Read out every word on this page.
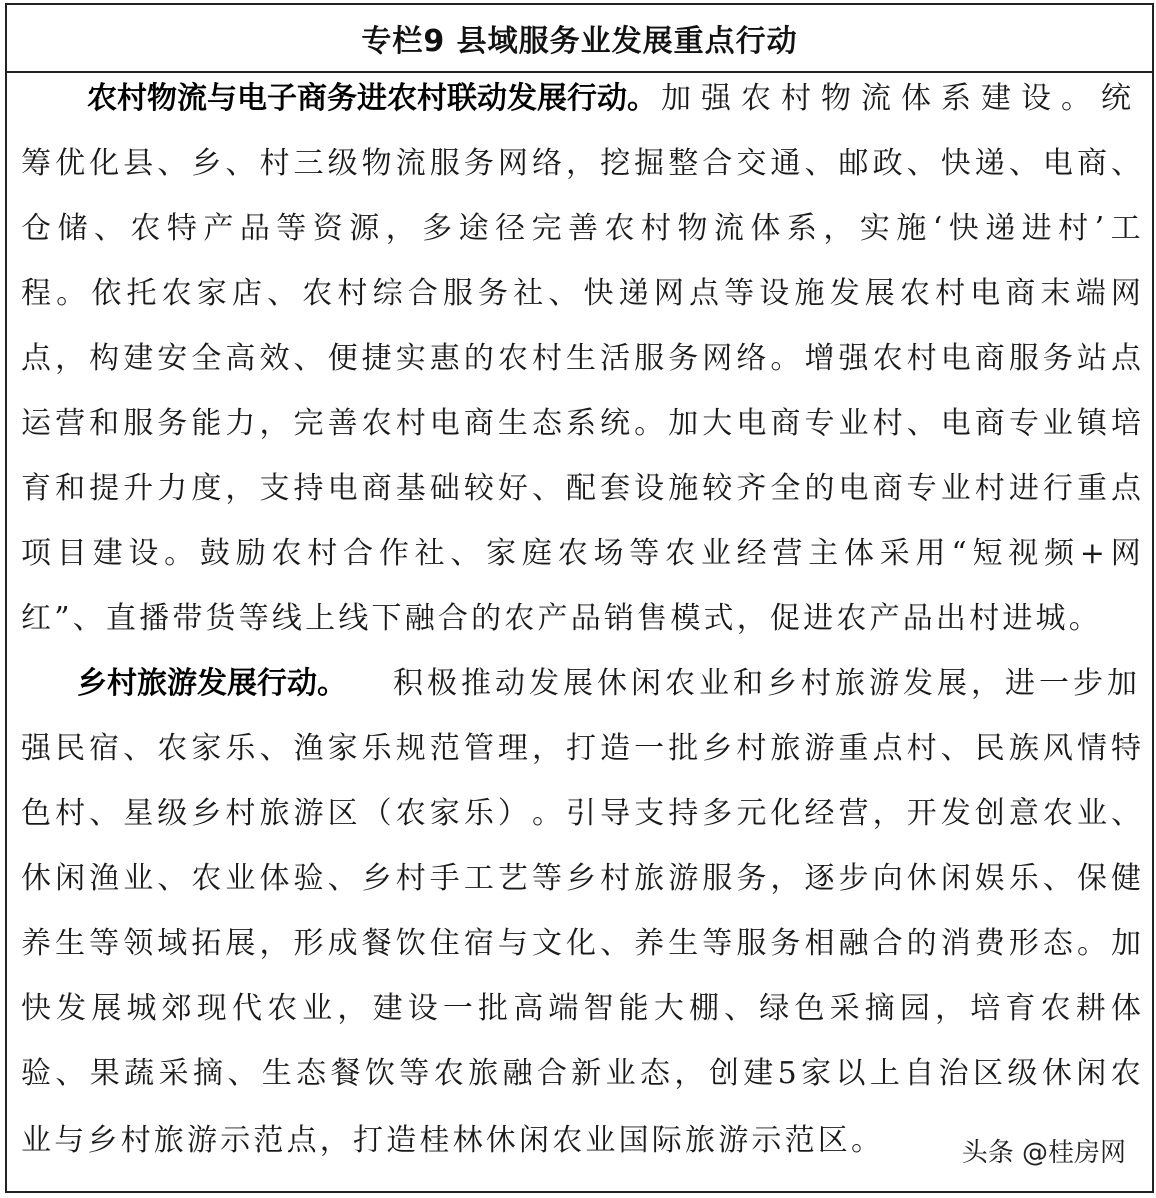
专栏9 县域服务业发展重点行动
农村物流与电子商务进农村联动发展行动。 加强农村物流体系建设。统
筹 优 化 县 、 乡 、 村 三 级 物 流 服 务 网 络 ， 挖 掘 整 合 交 通 、 邮 政 、 快 递 、 电 商 、
仓 储 、 农 特 产 品 等 资 源 ， 多 途 径 完 善 农 村 物 流 体 系 ， 实 施 ‘ 快 递 进 村 ’ 工
程 。 依 托 农 家 店 、 农 村 综 合 服 务 社 、 快 递 网 点 等 设 施 发 展 农 村 电 商 末 端 网
点 ， 构 建 安 全 高 效 、 便 捷 实 惠 的 农 村 生 活 服 务 网 络 。 增 强 农 村 电 商 服 务 站 点
运 营 和 服 务 能 力 ， 完 善 农 村 电 商 生 态 系 统 。 加 大 电 商 专 业 村 、 电 商 专 业 镇 培
育 和 提 升 力 度 ， 支 持 电 商 基 础 较 好 、 配 套 设 施 较 齐 全 的 电 商 专 业 村 进 行 重 点
项 目 建 设 。 鼓 励 农 村 合 作 社 、 家 庭 农 场 等 农 业 经 营 主 体 采 用 “ 短 视 频 + 网
红”、直播带货等线上线下融合的农产品销售模式，促进农产品出村进城。
乡村旅游发展行动。 积极推动发展休闲农业和乡村旅游发展，进一步加
强 民 宿 、 农 家 乐 、 渔 家 乐 规 范 管 理 ， 打 造 一 批 乡 村 旅 游 重 点 村 、 民 族 风 情 特
色 村 、 星 级 乡 村 旅 游 区 （ 农 家 乐 ） 。 引 导 支 持 多 元 化 经 营 ， 开 发 创 意 农 业 、
休 闲 渔 业 、 农 业 体 验 、 乡 村 手 工 艺 等 乡 村 旅 游 服 务 ， 逐 步 向 休 闲 娱 乐 、 保 健
养 生 等 领 域 拓 展 ， 形 成 餐 饮 住 宿 与 文 化 、 养 生 等 服 务 相 融 合 的 消 费 形 态 。 加
快 发 展 城 郊 现 代 农 业 ， 建 设 一 批 高 端 智 能 大 棚 、 绿 色 采 摘 园 ， 培 育 农 耕 体
验 、 果 蔬 采 摘 、 生 态 餐 饮 等 农 旅 融 合 新 业 态 ， 创 建 5 家 以 上 自 治 区 级 休 闲 农
业与乡村旅游示范点，打造桂林休闲农业国际旅游示范区。	头条 @桂房网
